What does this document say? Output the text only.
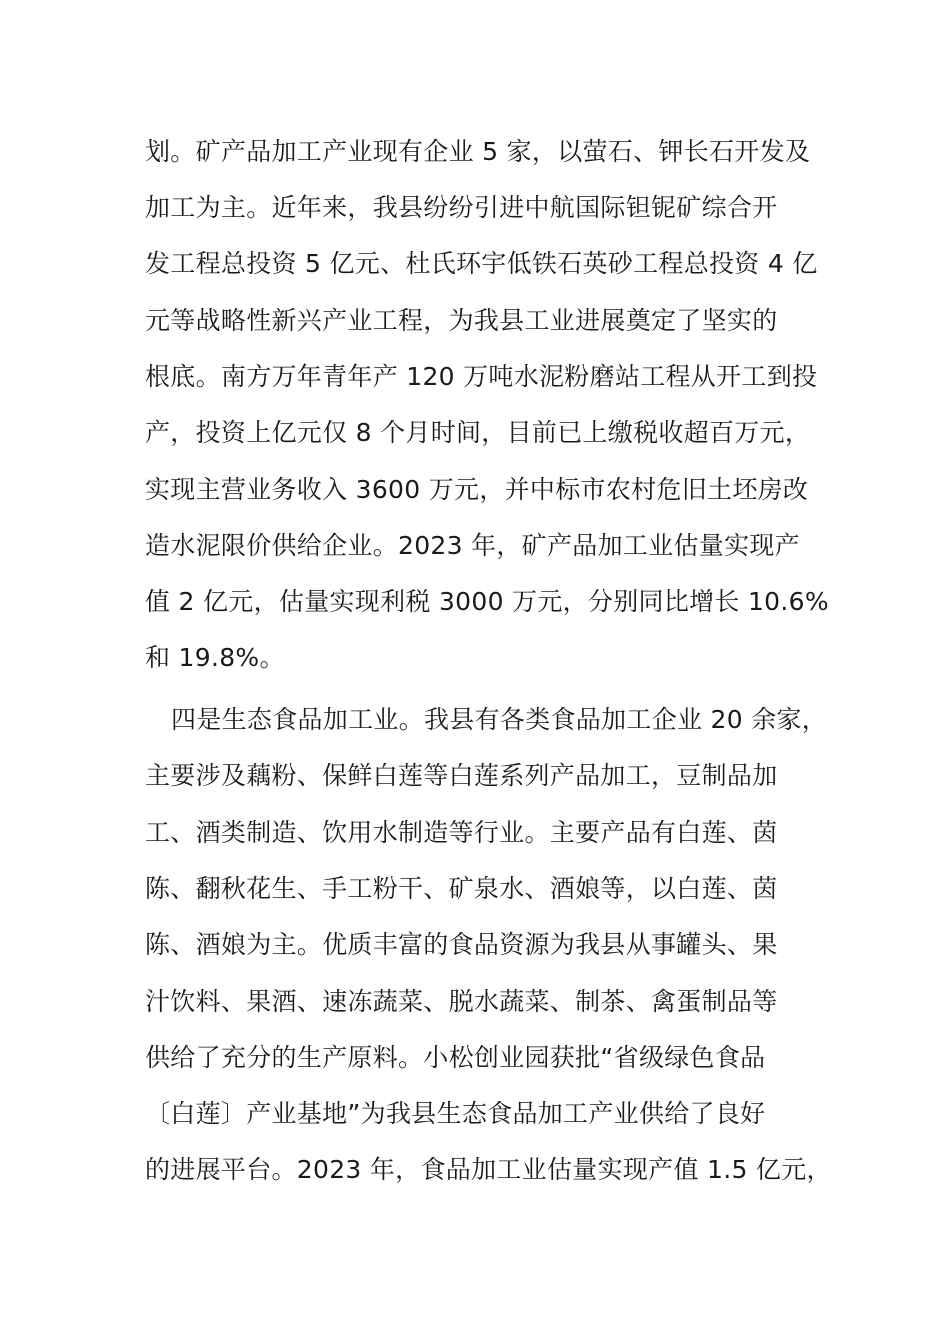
划。矿产品加工产业现有企业 5 家，以萤石、钾长石开发及
加工为主。近年来，我县纷纷引进中航国际钽铌矿综合开
发工程总投资 5 亿元、杜氏环宇低铁石英砂工程总投资 4 亿
元等战略性新兴产业工程，为我县工业进展奠定了坚实的
根底。南方万年青年产 120 万吨水泥粉磨站工程从开工到投
产，投资上亿元仅 8 个月时间，目前已上缴税收超百万元，
实现主营业务收入 3600 万元，并中标市农村危旧土坯房改
造水泥限价供给企业。2023 年，矿产品加工业估量实现产
值 2 亿元，估量实现利税 3000 万元，分别同比增长 10.6%
和 19.8%。
四是生态食品加工业。我县有各类食品加工企业 20 余家，
主要涉及藕粉、保鲜白莲等白莲系列产品加工，豆制品加
工、酒类制造、饮用水制造等行业。主要产品有白莲、茵
陈、翻秋花生、手工粉干、矿泉水、酒娘等，以白莲、茵
陈、酒娘为主。优质丰富的食品资源为我县从事罐头、果
汁饮料、果酒、速冻蔬菜、脱水蔬菜、制茶、禽蛋制品等
供给了充分的生产原料。小松创业园获批“省级绿色食品
〔白莲〕产业基地”为我县生态食品加工产业供给了良好
的进展平台。2023 年，食品加工业估量实现产值 1.5 亿元，
